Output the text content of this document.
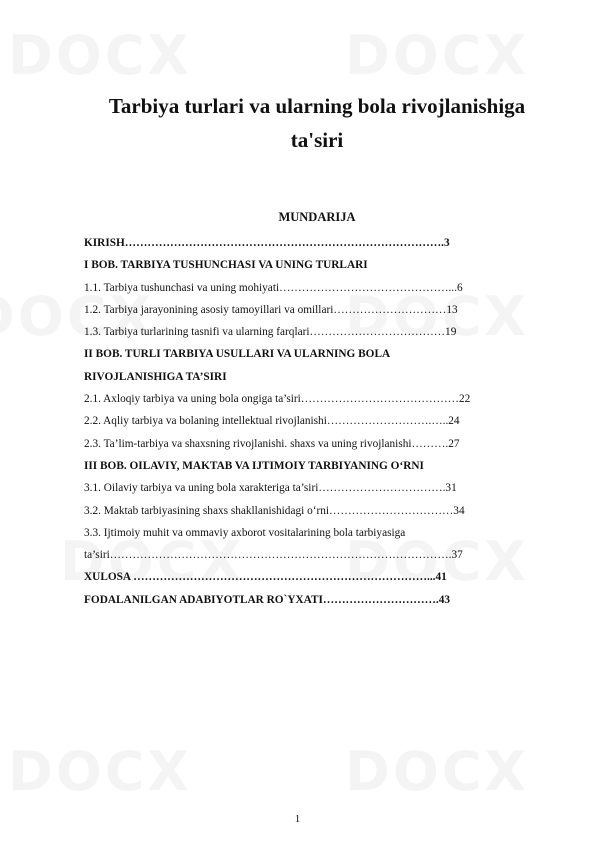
Tarbiya turlari va ularning bola rivojlanishiga
ta'siri
MUNDARIJA
KIRISH………………………………………………………………………….3
I BOB. TARBIYA TUSHUNCHASI VA UNING TURLARI
1.1. Tarbiya tushunchasi va uning mohiyati………………………………………...6
1.2. Tarbiya jarayonining asosiy tamoyillari va omillari…………………………13
1.3. Tarbiya turlarining tasnifi va ularning farqlari………………………………19
II BOB. TURLI TARBIYA USULLARI VA ULARNING BOLA
RIVOJLANISHIGA TA’SIRI
2.1. Axloqiy tarbiya va uning bola ongiga ta’siri……………………………………22
2.2. Aqliy tarbiya va bolaning intellektual rivojlanishi……………………….…..24
2.3. Ta’lim-tarbiya va shaxsning rivojlanishi. shaxs va uning rivojlanishi……….27
III BOB. OILAVIY, MAKTAB VA IJTIMOIY TARBIYANING O‘RNI
3.1. Oilaviy tarbiya va uning bola xarakteriga ta’siri…………………………….31
3.2. Maktab tarbiyasining shaxs shakllanishidagi o‘rni……………………………34
3.3. Ijtimoiy muhit va ommaviy axborot vositalarining bola tarbiyasiga
ta’siri……………………………………………………………………………….37
XULOSA ……………………………………………………………………...41
FODALANILGAN ADABIYOTLAR RO`YXATI………………………….43
1
